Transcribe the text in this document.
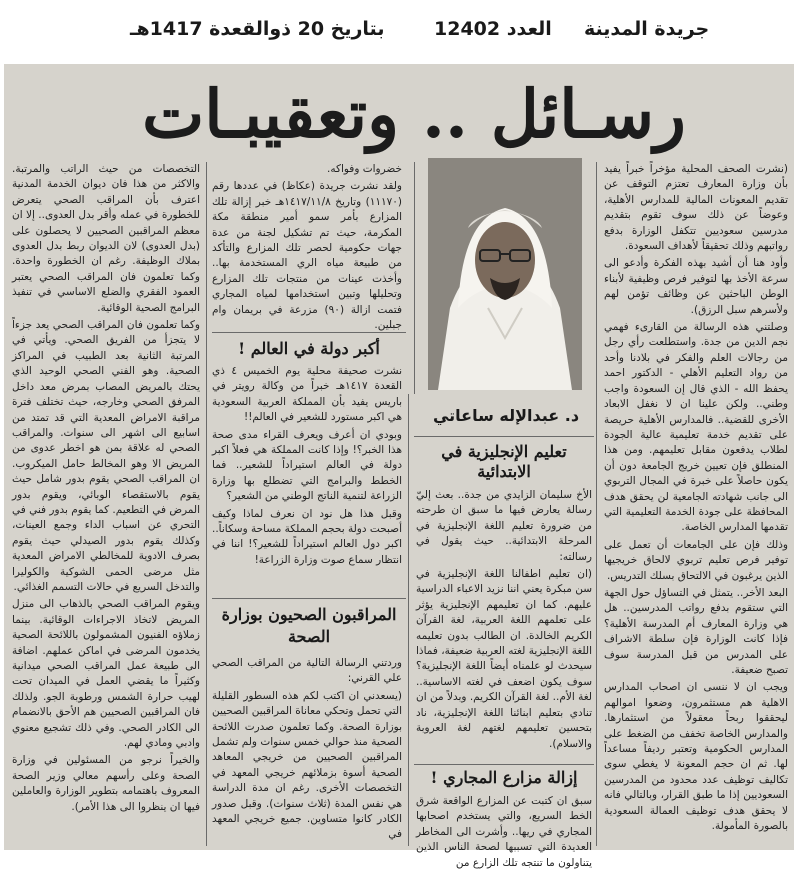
بتاريخ 20 ذوالقعدة 1417هـ	العدد 12402 جريدة المدينة
رسـائل .. وتعقيبـات
د. عبدالإله ساعاتي

(نشرت الصحف المحلية مؤخراً خبراً يفيد بأن وزارة المعارف تعتزم التوقف عن تقديم المعونات المالية للمدارس الأهلية، وعوضاً عن ذلك سوف تقوم بتقديم مدرسين سعوديين تتكفل الوزارة بدفع رواتبهم وذلك تحقيقاً لأهداف السعودة.

وأود هنا أن أشيد بهذه الفكرة وأدعو الى سرعة الأخذ بها لتوفير فرص وظيفية لأبناء الوطن الباحثين عن وظائف تؤمن لهم ولأسرهم سبل الرزق).

وصلتني هذه الرسالة من القارىء فهمي نجم الدين من جدة. واستطلعت رأي رجل من رجالات العلم والفكر في بلادنا وأحد من رواد التعليم الأهلي - الدكتور احمد يحفظ الله - الذي قال إن السعودة واجب وطني.. ولكن علينا ان لا نغفل الابعاد الأخرى للقضية.. فالمدارس الأهلية حريصة على تقديم خدمة تعليمية عالية الجودة لطلاب يدفعون مقابل تعليمهم. ومن هذا المنطلق فإن تعيين خريج الجامعة دون أن يكون حاصلاً على خبرة في المجال التربوي الى جانب شهادته الجامعية لن يحقق هدف المحافظة على جودة الخدمة التعليمية التي تقدمها المدارس الخاصة.

وذلك فإن على الجامعات أن تعمل على توفير فرص تعليم تربوي لالحاق خريجيها الذين يرغبون في الالتحاق بسلك التدريس.

البعد الأخر.. يتمثل في التساؤل حول الجهة التي ستقوم بدفع رواتب المدرسين.. هل هي وزارة المعارف أم المدرسة الأهلية؟ فإذا كانت الوزارة فإن سلطة الاشراف على المدرس من قبل المدرسة سوف تصبح ضعيفة.

ويجب ان لا ننسى ان اصحاب المدارس الاهلية هم مستثمرون، وضعوا اموالهم ليحققوا ربحاً معقولاً من استثمارها. والمدارس الخاصة تخفف من الضغط على المدارس الحكومية وتعتبر رديفاً مساعداً لها. ثم ان حجم المعونة لا يغطي سوى تكاليف توظيف عدد محدود من المدرسين السعوديين إذا ما طبق القرار، وبالتالي فانه لا يحقق هدف توظيف العمالة السعودية بالصورة المأمولة.

تعليم الإنجليزية في الابتدائية

الأخ سليمان الزايدي من جدة.. بعث إليّ رسالة يعارض فيها ما سبق ان طرحته من ضرورة تعليم اللغة الإنجليزية في المرحلة الابتدائية.. حيث يقول في رسالته:

(ان تعليم اطفالنا اللغة الإنجليزية في سن مبكرة يعني اننا نزيد الاعباء الدراسية عليهم. كما ان تعليمهم الإنجليزية يؤثر على تعلمهم اللغة العربية، لغة القرآن الكريم الخالدة. ان الطالب بدون تعليمه اللغة الإنجليزية لغته العربية ضعيفة، فماذا سيحدث لو علمناه أيضاً اللغة الإنجليزية؟ سوف يكون اضعف في لغته الاساسية.. لغة الأم.. لغة القرآن الكريم. وبدلاً من ان تنادي بتعليم ابنائنا اللغة الإنجليزية، ناد بتحسين تعليمهم لغتهم لغة العروبة والاسلام).

إزالة مزارع المجاري !

سبق ان كتبت عن المزارع الواقعة شرق الخط السريع، والتي يستخدم اصحابها المجاري في ريها.. وأشرت الى المخاطر العديدة التي تسببها لصحة الناس الذين يتناولون ما تنتجه تلك الزارع من

خضروات وفواكه.

ولقد نشرت جريدة (عكاظ) في عددها رقم (١١١٧٠) وتاريخ ١٤١٧/١١/٨هـ خبر إزالة تلك المزارع بأمر سمو أمير منطقة مكة المكرمة، حيث تم تشكيل لجنة من عدة جهات حكومية لحصر تلك المزارع والتأكد من طبيعة مياه الري المستخدمة بها.. وأخذت عينات من منتجات تلك المزارع وتحليلها وتبين استخدامها لمياه المجاري فتمت ازالة (٩٠) مزرعة في بريمان وام جبلين.

أكبر دولة في العالم !

نشرت صحيفة محلية يوم الخميس ٤ ذي القعدة ١٤١٧هـ خبراً من وكالة رويتر في باريس يفيد بأن المملكة العربية السعودية هي اكبر مستورد للشعير في العالم!!

وبودي ان أعرف ويعرف القراء مدى صحة هذا الخبر؟! وإذا كانت المملكة هي فعلاً اكبر دولة في العالم استيراداً للشعير.. فما الخطط والبرامج التي تضطلع بها وزارة الزراعة لتنمية الناتج الوطني من الشعير؟

وقبل هذا هل نود ان نعرف لماذا وكيف أصبحت دولة بحجم المملكة مساحة وسكاناً.. اكبر دول العالم استيراداً للشعير؟! اننا في انتظار سماع صوت وزارة الزراعة!

المراقبون الصحيون بوزارة الصحة

وردتني الرسالة التالية من المراقب الصحي علي القرني:

(يسعدني ان اكتب لكم هذه السطور القليلة التي تحمل وتحكي معاناة المراقبين الصحيين بوزارة الصحة. وكما تعلمون صدرت اللائحة الصحية منذ حوالي خمس سنوات ولم تشمل المراقبين الصحيين من خريجي المعاهد الصحية أسوة بزملائهم خريجي المعهد في التخصصات الأخرى. رغم ان مدة الدراسة هي نفس المدة (ثلاث سنوات). وقبل صدور الكادر كانوا متساوين. جميع خريجي المعهد في

التخصصات من حيث الراتب والمرتبة. والاكثر من هذا فان ديوان الخدمة المدنية اعترف بأن المراقب الصحي يتعرض للخطورة في عمله وأقر بدل العدوى.. إلا ان معظم المراقبين الصحيين لا يحصلون على (بدل العدوى) لان الديوان ربط بدل العدوى بملاك الوظيفة. رغم ان الخطورة واحدة. وكما تعلمون فان المراقب الصحي يعتبر العمود الفقري والضلع الاساسي في تنفيذ البرامج الصحية الوقائية.

وكما تعلمون فان المراقب الصحي يعد جزءاً لا يتجزأ من الفريق الصحي. ويأتي في المرتبة الثانية بعد الطبيب في المراكز الصحية. وهو الفني الصحي الوحيد الذي يحتك بالمريض المصاب بمرض معد داخل المرفق الصحي وخارجه، حيث تختلف فترة مراقبة الامراض المعدية التي قد تمتد من اسابيع الى اشهر الى سنوات. والمراقب الصحي له علاقة بمن هو اخطر عدوى من المريض الا وهو المخالط حامل الميكروب. ان المراقب الصحي يقوم بدور شامل حيث يقوم بالاستقصاء الوبائي، ويقوم بدور المرض في التطعيم. كما يقوم بدور فني في التحري عن اسباب الداء وجمع العينات، وكذلك يقوم بدور الصيدلي حيث يقوم بصرف الادوية للمخالطي الامراض المعدية مثل مرضى الحمى الشوكية والكوليرا والتدخل السريع في حالات التسمم الغذائي.

ويقوم المراقب الصحي بالذهاب الى منزل المريض لاتخاذ الاجراءات الوقائية. بينما زملاؤه الفنيون المشمولون باللائحة الصحية يخدمون المرضى في اماكن عملهم. اضافة الى طبيعة عمل المراقب الصحي ميدانية وكثيراً ما يقضي العمل في الميدان تحت لهيب حرارة الشمس ورطوبة الجو. ولذلك فان المراقبين الصحيين هم الأحق بالانضمام الى الكادر الصحي. وفي ذلك تشجيع معنوي وادبي ومادي لهم.

والخيراً نرجو من المسئولين في وزارة الصحة وعلى رأسهم معالي وزير الصحة المعروف باهتمامه بتطوير الوزارة والعاملين فيها ان ينظروا الى هذا الأمر).
